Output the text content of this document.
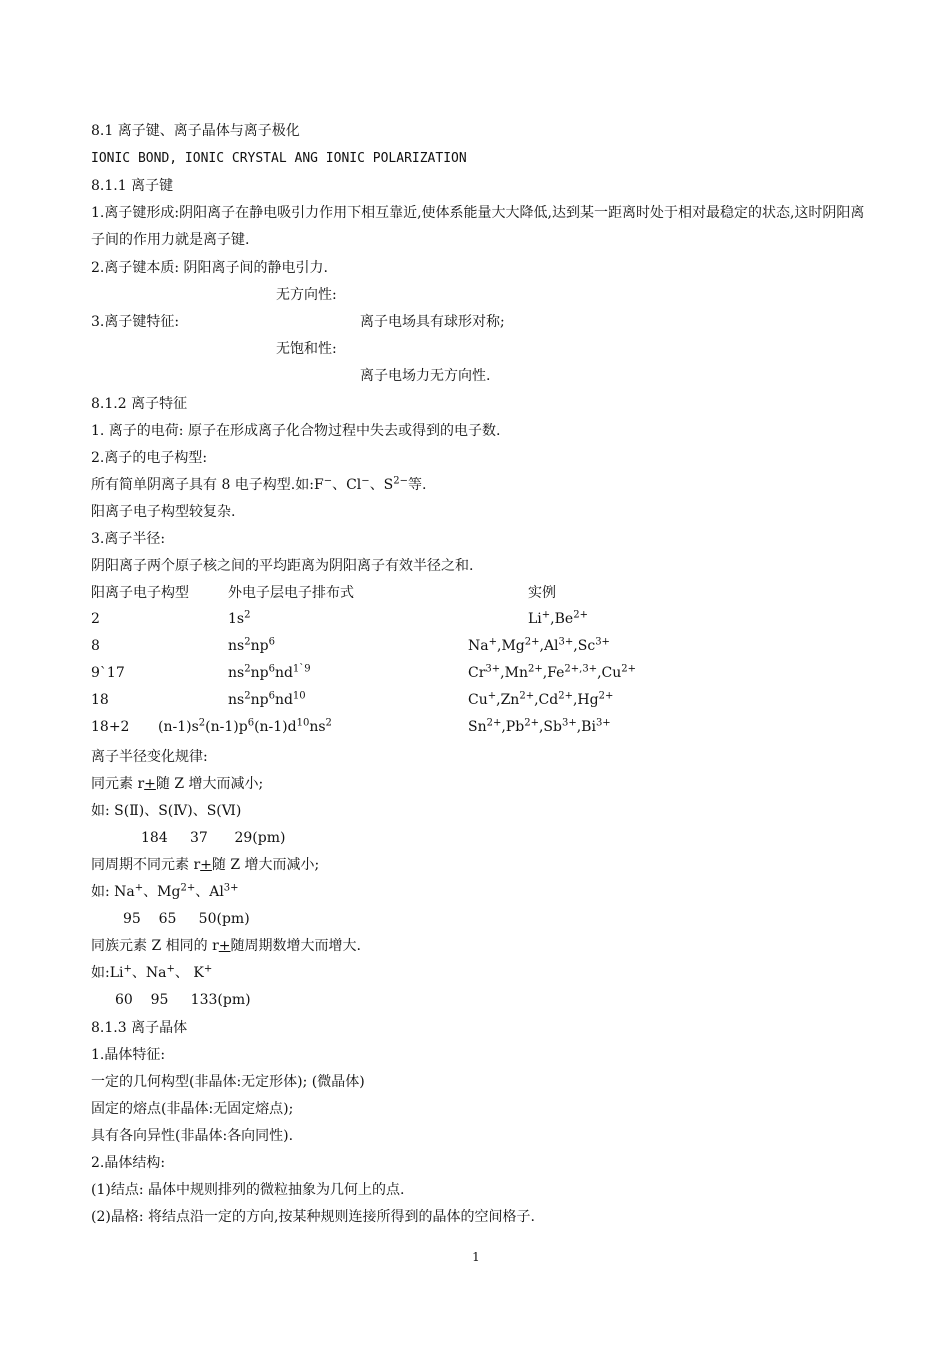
8.1 离子键、离子晶体与离子极化
IONIC BOND, IONIC CRYSTAL ANG IONIC POLARIZATION
8.1.1 离子键
1.离子键形成:阴阳离子在静电吸引力作用下相互靠近,使体系能量大大降低,达到某一距离时处于相对最稳定的状态,这时阴阳离子间的作用力就是离子键.
2.离子键本质: 阴阳离子间的静电引力.
无方向性:
3.离子键特征:	离子电场具有球形对称;
无饱和性:
离子电场力无方向性.
8.1.2 离子特征
1. 离子的电荷: 原子在形成离子化合物过程中失去或得到的电子数.
2.离子的电子构型:
所有简单阴离子具有 8 电子构型.如:F−、Cl−、$S^{2-}$等.
阳离子电子构型较复杂.
3.离子半径:
阴阳离子两个原子核之间的平均距离为阴阳离子有效半径之和.
阳离子电子构型	外电子层电子排布式	实例
2	$1s^2$	$Li^+,Be^{2+}$
8	$ns^2np^6$	$Na^+,Mg^{2+},Al^{3+},Sc^{3+}$
9`17	$ns^2np^6nd^{1`9}$	$Cr^{3+},Mn^{2+},Fe^{2+,3+},Cu^{2+}$
18	$ns^2np^6nd^{10}$	$Cu^+,Zn^{2+},Cd^{2+},Hg^{2+}$
18+2 $(n-1)s^2(n-1)p^6(n-1)d^{10}ns^2$	$Sn^{2+},Pb^{2+},Sb^{3+},Bi^{3+}$
离子半径变化规律:
同元素 r+随 Z 增大而减小;
如: S(Ⅱ)、S(Ⅳ)、S(Ⅵ)
184     37      29(pm)
同周期不同元素 r+随 Z 增大而减小;
如: Na+、$Mg^{2+}$、$Al^{3+}$
95    65     50(pm)
同族元素 Z 相同的 r+随周期数增大而增大.
如:Li+、Na+、 K+
60    95     133(pm)
8.1.3 离子晶体
1.晶体特征:
一定的几何构型(非晶体:无定形体); (微晶体)
固定的熔点(非晶体:无固定熔点);
具有各向异性(非晶体:各向同性).
2.晶体结构:
(1)结点: 晶体中规则排列的微粒抽象为几何上的点.
(2)晶格: 将结点沿一定的方向,按某种规则连接所得到的晶体的空间格子.
1
